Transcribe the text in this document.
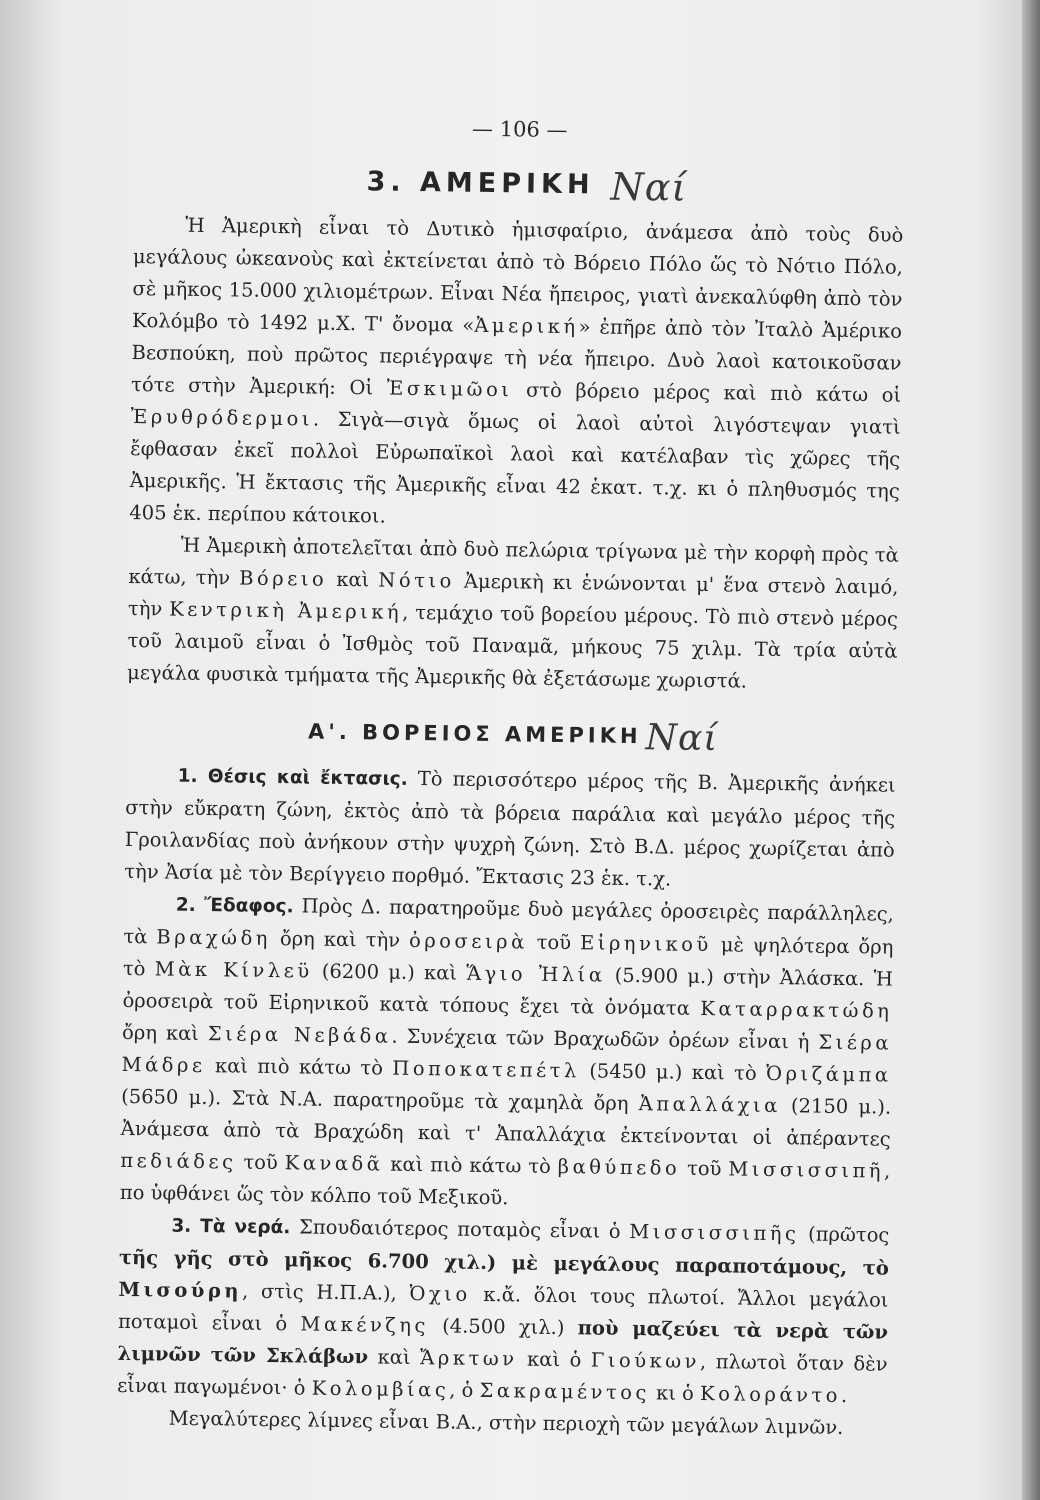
— 106 —
3. ΑΜΕΡΙΚΗ Ναί

Ἡ Ἀμερικὴ εἶναι τὸ Δυτικὸ ἡμισφαίριο, ἀνάμεσα ἀπὸ τοὺς δυὸ μεγάλους ὠκεανοὺς καὶ ἐκτείνεται ἀπὸ τὸ Βόρειο Πόλο ὥς τὸ Νότιο Πόλο, σὲ μῆκος 15.000 χιλιομέτρων. Εἶναι Νέα ἤπειρος, γιατὶ ἀνεκαλύφθη ἀπὸ τὸν Κολόμβο τὸ 1492 μ.Χ. Τ' ὄνομα «Ἀμερική» ἐπῆρε ἀπὸ τὸν Ἰταλὸ Ἀμέρικο Βεσπούκη, ποὺ πρῶτος περιέγραψε τὴ νέα ἤπειρο. Δυὸ λαοὶ κατοικοῦσαν τότε στὴν Ἀμερική: Οἱ Ἐσκιμῶοι στὸ βόρειο μέρος καὶ πιὸ κάτω οἱ Ἐρυθρόδερμοι. Σιγὰ—σιγὰ ὅμως οἱ λαοὶ αὐτοὶ λιγόστεψαν γιατὶ ἔφθασαν ἐκεῖ πολλοὶ Εὐρωπαϊκοὶ λαοὶ καὶ κατέλαβαν τὶς χῶρες τῆς Ἀμερικῆς. Ἡ ἔκτασις τῆς Ἀμερικῆς εἶναι 42 ἑκατ. τ.χ. κι ὁ πληθυσμός της 405 ἑκ. περίπου κάτοικοι.

Ἡ Ἀμερικὴ ἀποτελεῖται ἀπὸ δυὸ πελώρια τρίγωνα μὲ τὴν κορφὴ πρὸς τὰ κάτω, τὴν Βόρειο καὶ Νότιο Ἀμερικὴ κι ἑνώνονται μ' ἕνα στενὸ λαιμό, τὴν Κεντρικὴ Ἀμερική, τεμάχιο τοῦ βορείου μέρους. Τὸ πιὸ στενὸ μέρος τοῦ λαιμοῦ εἶναι ὁ Ἰσθμὸς τοῦ Παναμᾶ, μήκους 75 χιλμ. Τὰ τρία αὐτὰ μεγάλα φυσικὰ τμήματα τῆς Ἀμερικῆς θὰ ἐξετάσωμε χωριστά.

Α'. ΒΟΡΕΙΟΣ ΑΜΕΡΙΚΗΝαί

1. Θέσις καὶ ἔκτασις. Τὸ περισσότερο μέρος τῆς Β. Ἀμερικῆς ἀνήκει στὴν εὔκρατη ζώνη, ἐκτὸς ἀπὸ τὰ βόρεια παράλια καὶ μεγάλο μέρος τῆς Γροιλανδίας ποὺ ἀνήκουν στὴν ψυχρὴ ζώνη. Στὸ Β.Δ. μέρος χωρίζεται ἀπὸ τὴν Ἀσία μὲ τὸν Βερίγγειο πορθμό. Ἔκτασις 23 ἑκ. τ.χ.

2. Ἔδαφος. Πρὸς Δ. παρατηροῦμε δυὸ μεγάλες ὀροσειρὲς παράλληλες, τὰ Βραχώδη ὄρη καὶ τὴν ὀροσειρὰ τοῦ Εἰρηνικοῦ μὲ ψηλότερα ὄρη τὸ Μὰκ Κίνλεϋ (6200 μ.) καὶ Ἅγιο Ἠλία (5.900 μ.) στὴν Ἀλάσκα. Ἡ ὀροσειρὰ τοῦ Εἰρηνικοῦ κατὰ τόπους ἔχει τὰ ὀνόματα Καταρρακτώδη ὄρη καὶ Σιέρα Νεβάδα. Συνέχεια τῶν Βραχωδῶν ὀρέων εἶναι ἡ Σιέρα Μάδρε καὶ πιὸ κάτω τὸ Ποποκατεπέτλ (5450 μ.) καὶ τὸ Ὀριζάμπα (5650 μ.). Στὰ Ν.Α. παρατηροῦμε τὰ χαμηλὰ ὄρη Ἀπαλλάχια (2150 μ.). Ἀνάμεσα ἀπὸ τὰ Βραχώδη καὶ τ' Ἀπαλλάχια ἐκτείνονται οἱ ἀπέραντες πεδιάδες τοῦ Καναδᾶ καὶ πιὸ κάτω τὸ βαθύπεδο τοῦ Μισσισσιπῆ, πο ὑφθάνει ὥς τὸν κόλπο τοῦ Μεξικοῦ.

3. Τὰ νερά. Σπουδαιότερος ποταμὸς εἶναι ὁ Μισσισσιπῆς (πρῶτος τῆς γῆς στὸ μῆκος 6.700 χιλ.) μὲ μεγάλους παραποτάμους, τὸ Μισούρη, στὶς Η.Π.Α.), Ὀχιο κ.ἄ. ὅλοι τους πλωτοί. Ἄλλοι μεγάλοι ποταμοὶ εἶναι ὁ Μακένζης (4.500 χιλ.) ποὺ μαζεύει τὰ νερὰ τῶν λιμνῶν τῶν Σκλάβων καὶ Ἄρκτων καὶ ὁ Γιούκων, πλωτοὶ ὅταν δὲν εἶναι παγωμένοι· ὁ Κολομβίας, ὁ Σακραμέντος κι ὁ Κολοράντο.

Μεγαλύτερες λίμνες εἶναι Β.Α., στὴν περιοχὴ τῶν μεγάλων λιμνῶν.
